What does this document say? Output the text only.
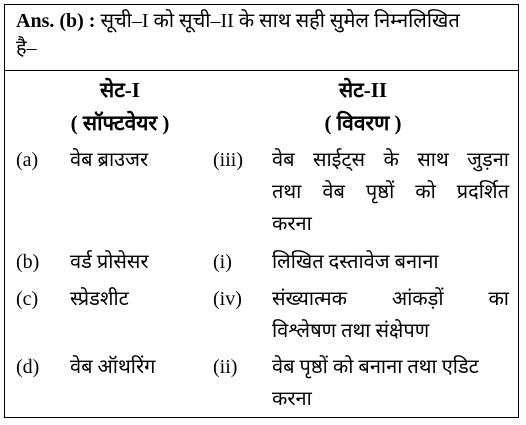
Ans. (b) : सूची–I को सूची–II के साथ सही सुमेल निम्नलिखित
है–
सेट-I
( सॉफ्टवेयर )
सेट-II
( विवरण )
(a) वेब ब्राउजर	(iii) वेब साईट्स के साथ जुड़ना
तथा वेब पृष्ठों को प्रदर्शित
करना
(b) वर्ड प्रोसेसर	(i) लिखित दस्तावेज बनाना
(c) स्प्रेडशीट	(iv) संख्यात्मक आंकड़ों का
विश्लेषण तथा संक्षेपण
(d) वेब ऑथरिंग	(ii) वेब पृष्ठों को बनाना तथा एडिट
करना
